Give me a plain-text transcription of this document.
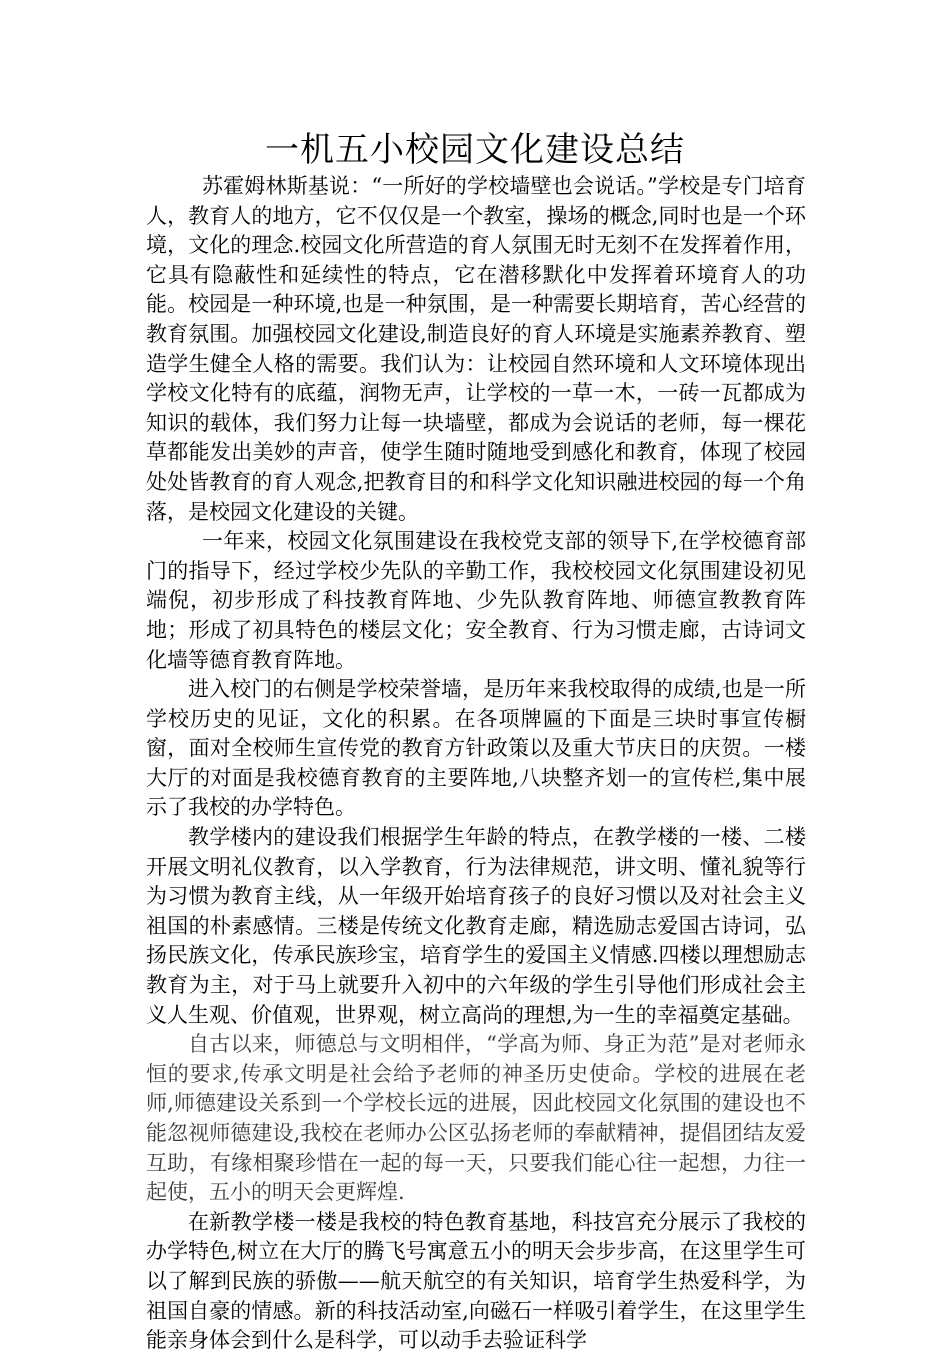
一机五小校园文化建设总结

苏霍姆林斯基说：“一所好的学校墙壁也会说话。”学校是专门培育人，教育人的地方，它不仅仅是一个教室，操场的概念,同时也是一个环境，文化的理念.校园文化所营造的育人氛围无时无刻不在发挥着作用，它具有隐蔽性和延续性的特点，它在潜移默化中发挥着环境育人的功能。校园是一种环境,也是一种氛围，是一种需要长期培育，苦心经营的教育氛围。加强校园文化建设,制造良好的育人环境是实施素养教育、塑造学生健全人格的需要。我们认为：让校园自然环境和人文环境体现出学校文化特有的底蕴，润物无声，让学校的一草一木，一砖一瓦都成为知识的载体，我们努力让每一块墙壁，都成为会说话的老师，每一棵花草都能发出美妙的声音，使学生随时随地受到感化和教育，体现了校园处处皆教育的育人观念,把教育目的和科学文化知识融进校园的每一个角落，是校园文化建设的关键。

一年来，校园文化氛围建设在我校党支部的领导下,在学校德育部门的指导下，经过学校少先队的辛勤工作，我校校园文化氛围建设初见端倪，初步形成了科技教育阵地、少先队教育阵地、师德宣教教育阵地；形成了初具特色的楼层文化；安全教育、行为习惯走廊，古诗词文化墙等德育教育阵地。

进入校门的右侧是学校荣誉墙，是历年来我校取得的成绩,也是一所学校历史的见证，文化的积累。在各项牌匾的下面是三块时事宣传橱窗，面对全校师生宣传党的教育方针政策以及重大节庆日的庆贺。一楼大厅的对面是我校德育教育的主要阵地,八块整齐划一的宣传栏,集中展示了我校的办学特色。

教学楼内的建设我们根据学生年龄的特点，在教学楼的一楼、二楼开展文明礼仪教育，以入学教育，行为法律规范，讲文明、懂礼貌等行为习惯为教育主线，从一年级开始培育孩子的良好习惯以及对社会主义祖国的朴素感情。三楼是传统文化教育走廊，精选励志爱国古诗词，弘扬民族文化，传承民族珍宝，培育学生的爱国主义情感.四楼以理想励志教育为主，对于马上就要升入初中的六年级的学生引导他们形成社会主义人生观、价值观，世界观，树立高尚的理想,为一生的幸福奠定基础。

自古以来，师德总与文明相伴，“学高为师、身正为范”是对老师永恒的要求,传承文明是社会给予老师的神圣历史使命。学校的进展在老师,师德建设关系到一个学校长远的进展，因此校园文化氛围的建设也不能忽视师德建设,我校在老师办公区弘扬老师的奉献精神，提倡团结友爱互助，有缘相聚珍惜在一起的每一天，只要我们能心往一起想，力往一起使，五小的明天会更辉煌.

在新教学楼一楼是我校的特色教育基地，科技宫充分展示了我校的办学特色,树立在大厅的腾飞号寓意五小的明天会步步高，在这里学生可以了解到民族的骄傲——航天航空的有关知识，培育学生热爱科学，为祖国自豪的情感。新的科技活动室,向磁石一样吸引着学生，在这里学生能亲身体会到什么是科学，可以动手去验证科学
